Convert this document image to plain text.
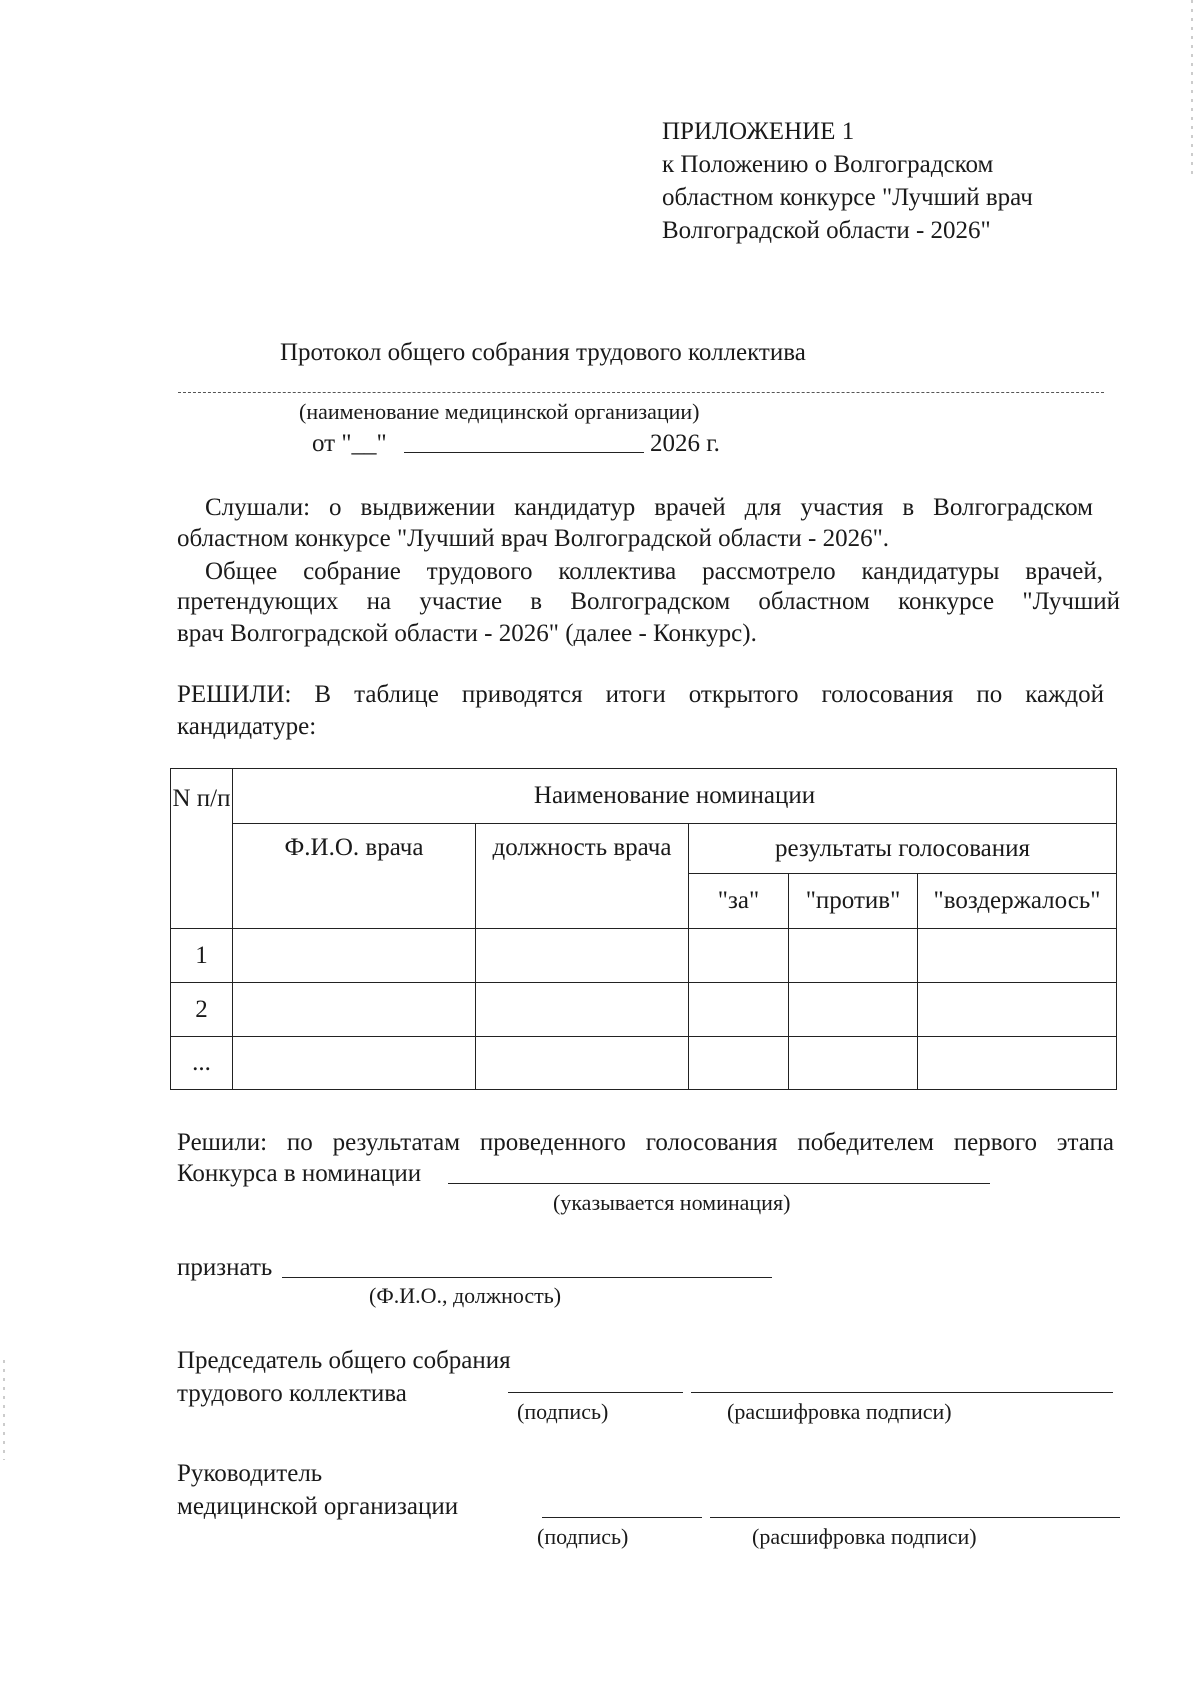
ПРИЛОЖЕНИЕ 1
к Положению о Волгоградском
областном конкурсе "Лучший врач
Волгоградской области - 2026"
Протокол общего собрания трудового коллектива
(наименование медицинской организации)
от "__"	2026 г.
Слушали: о выдвижении кандидатур врачей для участия в Волгоградском
областном конкурсе "Лучший врач Волгоградской области - 2026".
Общее собрание трудового коллектива рассмотрело кандидатуры врачей,
претендующих на участие в Волгоградском областном конкурсе "Лучший
врач Волгоградской области - 2026" (далее - Конкурс).
РЕШИЛИ: В таблице приводятся итоги открытого голосования по каждой
кандидатуре:
N п/п	Наименование номинации				
	Ф.И.О. врача	должность врача	результаты голосования		
			"за"	"против"	"воздержалось"
1					
2					
...					
Решили: по результатам проведенного голосования победителем первого этапа
Конкурса в номинации
(указывается номинация)
признать
(Ф.И.О., должность)
Председатель общего собрания
трудового коллектива
(подпись)	(расшифровка подписи)
Руководитель
медицинской организации
(подпись)	(расшифровка подписи)
